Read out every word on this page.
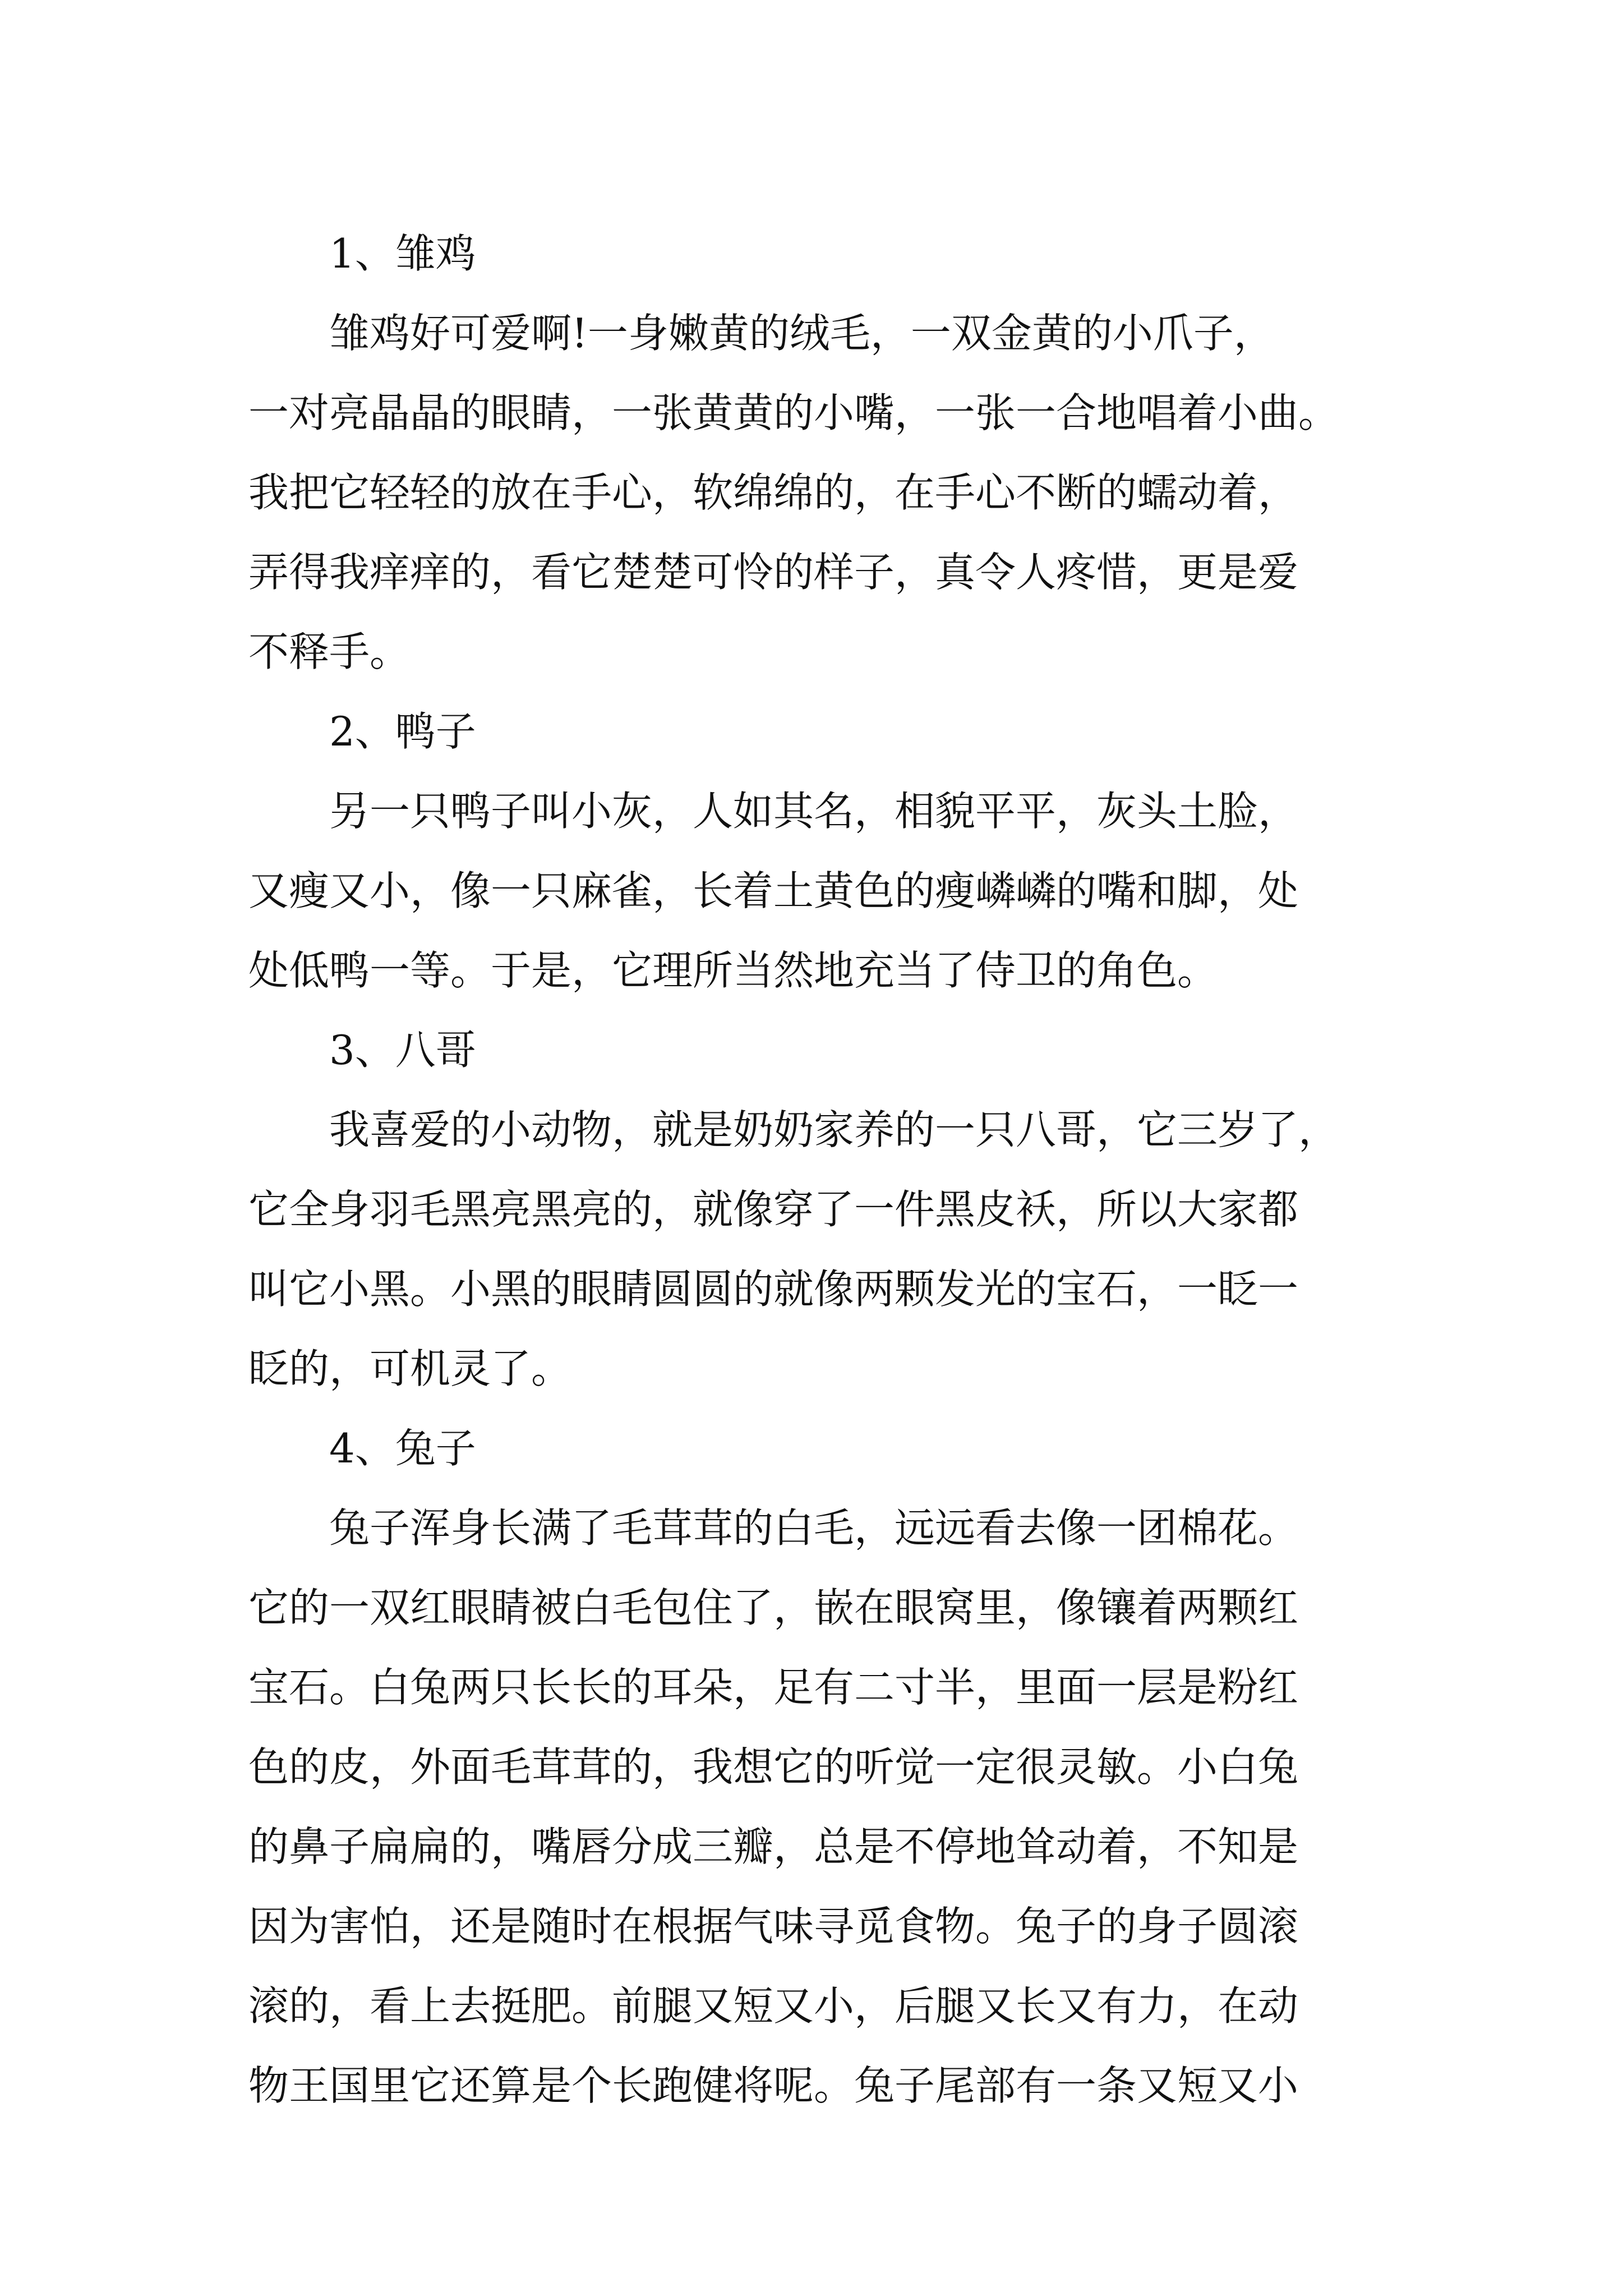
1、雏鸡
雏鸡好可爱啊!一身嫩黄的绒毛，一双金黄的小爪子，
一对亮晶晶的眼睛，一张黄黄的小嘴，一张一合地唱着小曲。
我把它轻轻的放在手心，软绵绵的，在手心不断的蠕动着，
弄得我痒痒的，看它楚楚可怜的样子，真令人疼惜，更是爱
不释手。
2、鸭子
另一只鸭子叫小灰，人如其名，相貌平平，灰头土脸，
又瘦又小，像一只麻雀，长着土黄色的瘦嶙嶙的嘴和脚，处
处低鸭一等。于是，它理所当然地充当了侍卫的角色。
3、八哥
我喜爱的小动物，就是奶奶家养的一只八哥，它三岁了，
它全身羽毛黑亮黑亮的，就像穿了一件黑皮袄，所以大家都
叫它小黑。小黑的眼睛圆圆的就像两颗发光的宝石，一眨一
眨的，可机灵了。
4、兔子
兔子浑身长满了毛茸茸的白毛，远远看去像一团棉花。
它的一双红眼睛被白毛包住了，嵌在眼窝里，像镶着两颗红
宝石。白兔两只长长的耳朵，足有二寸半，里面一层是粉红
色的皮，外面毛茸茸的，我想它的听觉一定很灵敏。小白兔
的鼻子扁扁的，嘴唇分成三瓣，总是不停地耸动着，不知是
因为害怕，还是随时在根据气味寻觅食物。兔子的身子圆滚
滚的，看上去挺肥。前腿又短又小，后腿又长又有力，在动
物王国里它还算是个长跑健将呢。兔子尾部有一条又短又小
